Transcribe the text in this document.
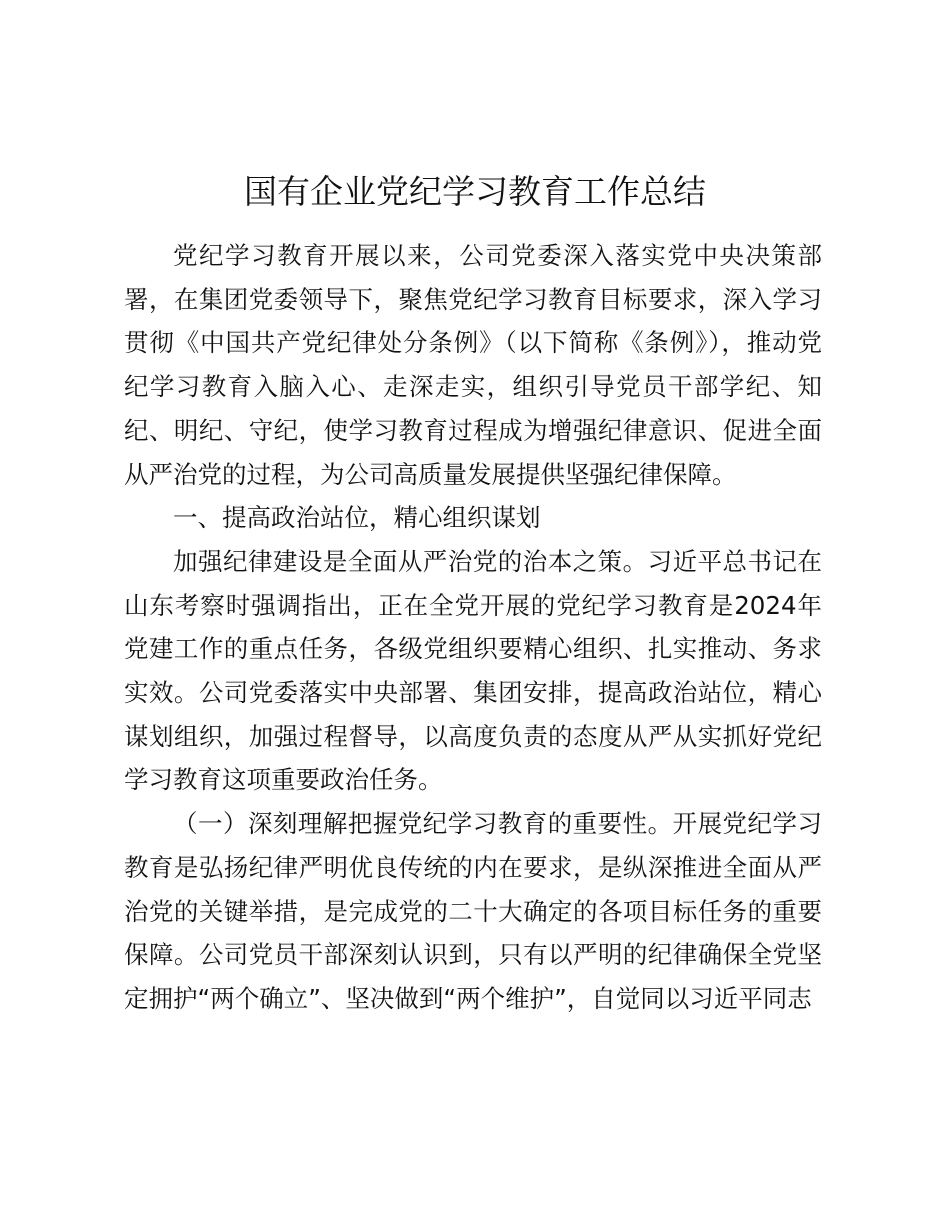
国有企业党纪学习教育工作总结

党纪学习教育开展以来，公司党委深入落实党中央决策部署，在集团党委领导下，聚焦党纪学习教育目标要求，深入学习贯彻《中国共产党纪律处分条例》（以下简称《条例》），推动党纪学习教育入脑入心、走深走实，组织引导党员干部学纪、知纪、明纪、守纪，使学习教育过程成为增强纪律意识、促进全面从严治党的过程，为公司高质量发展提供坚强纪律保障。

一、提高政治站位，精心组织谋划

加强纪律建设是全面从严治党的治本之策。习近平总书记在山东考察时强调指出，正在全党开展的党纪学习教育是2024年党建工作的重点任务，各级党组织要精心组织、扎实推动、务求实效。公司党委落实中央部署、集团安排，提高政治站位，精心谋划组织，加强过程督导，以高度负责的态度从严从实抓好党纪学习教育这项重要政治任务。

（一）深刻理解把握党纪学习教育的重要性。开展党纪学习教育是弘扬纪律严明优良传统的内在要求，是纵深推进全面从严治党的关键举措，是完成党的二十大确定的各项目标任务的重要保障。公司党员干部深刻认识到，只有以严明的纪律确保全党坚定拥护“两个确立”、坚决做到“两个维护”，自觉同以习近平同志
